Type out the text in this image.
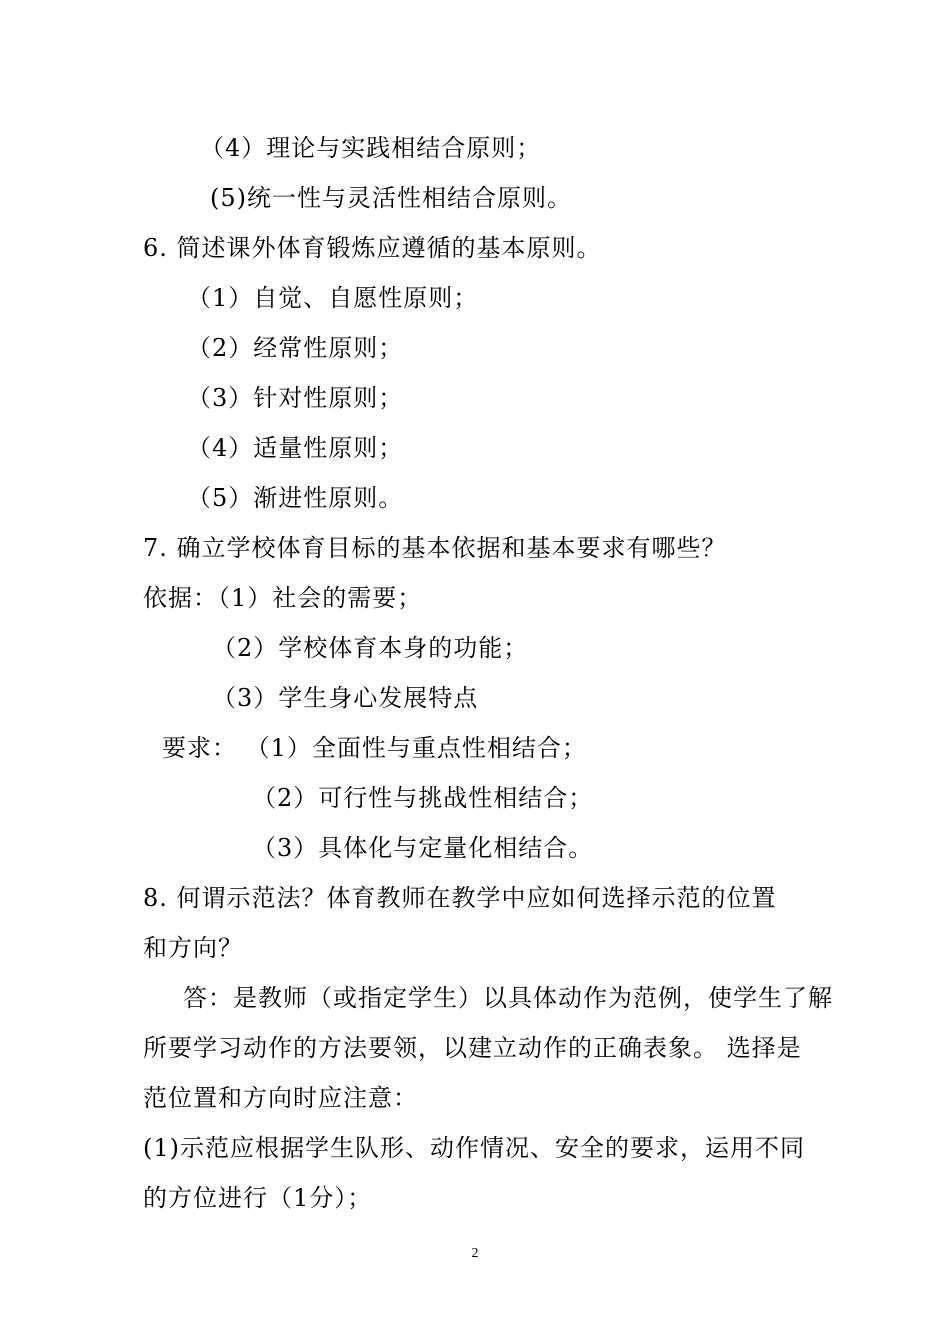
（4）理论与实践相结合原则；
(5)统一性与灵活性相结合原则。
6. 简述课外体育锻炼应遵循的基本原则。
（1）自觉、自愿性原则；
（2）经常性原则；
（3）针对性原则；
（4）适量性原则；
（5）渐进性原则。
7. 确立学校体育目标的基本依据和基本要求有哪些？
依据：（1）社会的需要；
（2）学校体育本身的功能；
（3）学生身心发展特点
要求： （1）全面性与重点性相结合；
（2）可行性与挑战性相结合；
（3）具体化与定量化相结合。
8. 何谓示范法？体育教师在教学中应如何选择示范的位置
和方向？
答：是教师（或指定学生）以具体动作为范例，使学生了解
所要学习动作的方法要领，以建立动作的正确表象。 选择是
范位置和方向时应注意：
(1)示范应根据学生队形、动作情况、安全的要求，运用不同
的方位进行（1分）；
2
